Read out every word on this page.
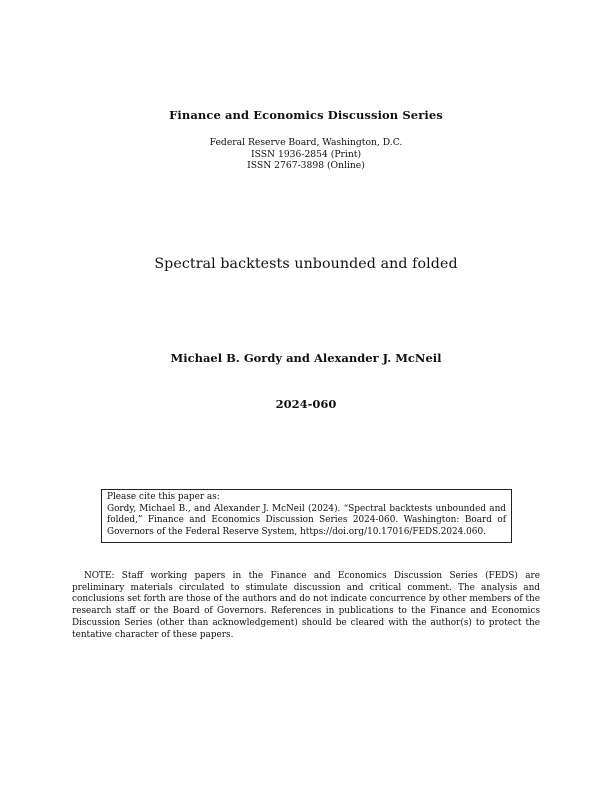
Finance and Economics Discussion Series
Federal Reserve Board, Washington, D.C.
ISSN 1936-2854 (Print)
ISSN 2767-3898 (Online)
Spectral backtests unbounded and folded
Michael B. Gordy and Alexander J. McNeil
2024-060
Please cite this paper as:
Gordy, Michael B., and Alexander J. McNeil (2024). “Spectral backtests unbounded and folded,” Finance and Economics Discussion Series 2024-060. Washington: Board of Governors of the Federal Reserve System, https://doi.org/10.17016/FEDS.2024.060.
NOTE: Staff working papers in the Finance and Economics Discussion Series (FEDS) are preliminary materials circulated to stimulate discussion and critical comment. The analysis and conclusions set forth are those of the authors and do not indicate concurrence by other members of the research staff or the Board of Governors. References in publications to the Finance and Economics Discussion Series (other than acknowledgement) should be cleared with the author(s) to protect the tentative character of these papers.
